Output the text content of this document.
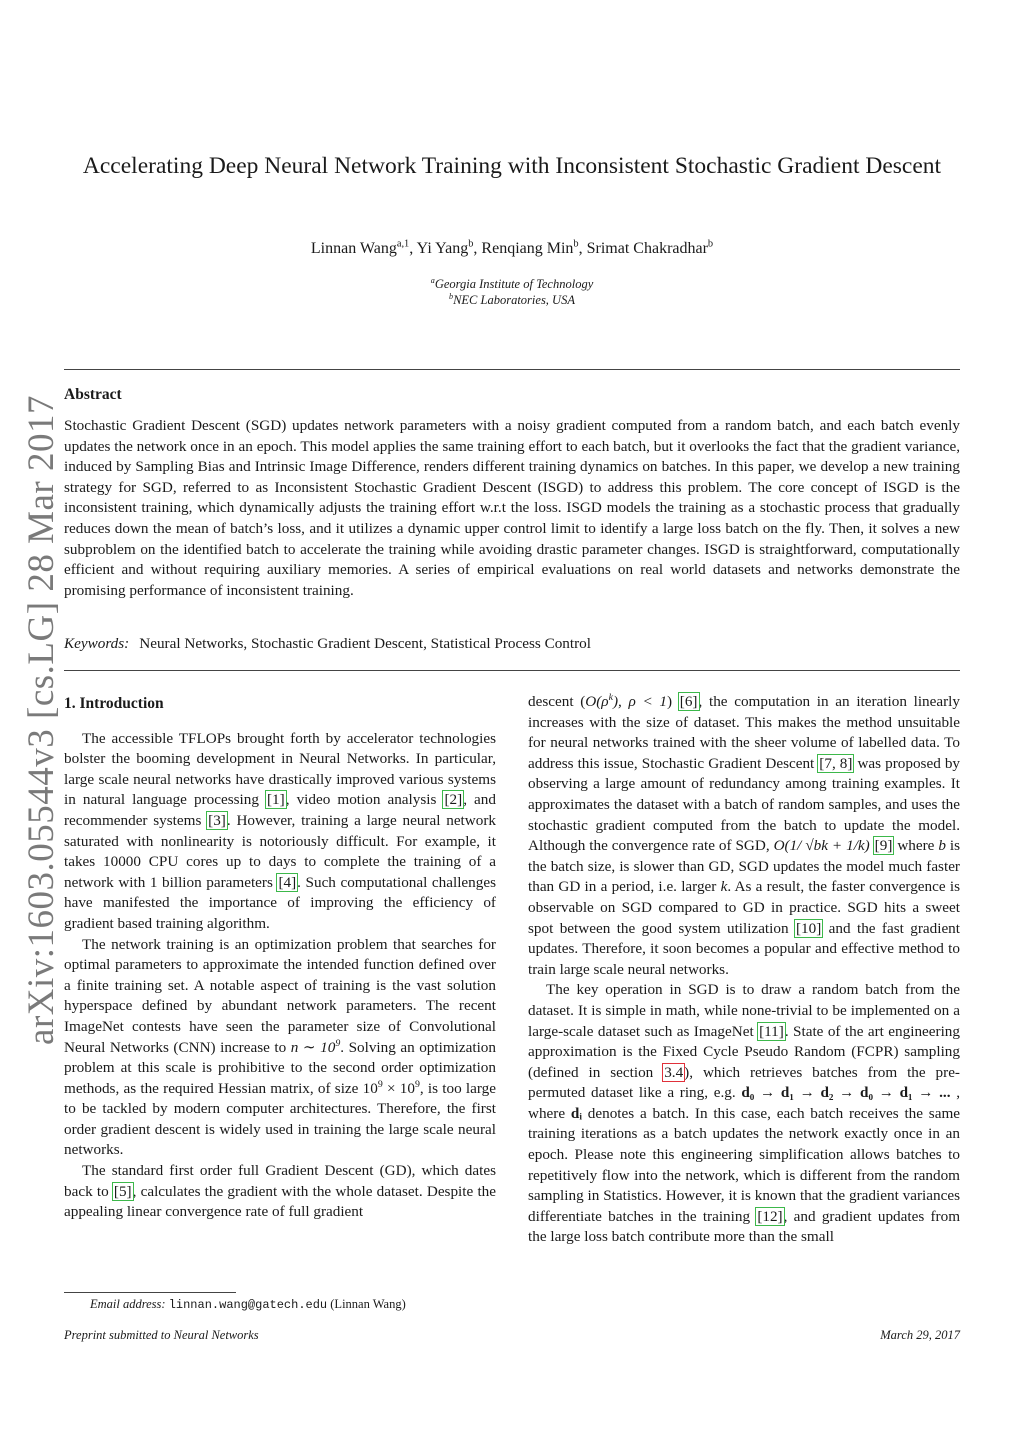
arXiv:1603.05544v3 [cs.LG] 28 Mar 2017
Accelerating Deep Neural Network Training with Inconsistent Stochastic Gradient Descent
Linnan Wang$^{a,1}$, Yi Yang$^b$, Renqiang Min$^b$, Srimat Chakradhar$^b$
$^a$Georgia Institute of Technology
$^b$NEC Laboratories, USA
Abstract
Stochastic Gradient Descent (SGD) updates network parameters with a noisy gradient computed from a random batch, and each batch evenly updates the network once in an epoch. This model applies the same training effort to each batch, but it overlooks the fact that the gradient variance, induced by Sampling Bias and Intrinsic Image Difference, renders different training dynamics on batches. In this paper, we develop a new training strategy for SGD, referred to as Inconsistent Stochastic Gradient Descent (ISGD) to address this problem. The core concept of ISGD is the inconsistent training, which dynamically adjusts the training effort w.r.t the loss. ISGD models the training as a stochastic process that gradually reduces down the mean of batch’s loss, and it utilizes a dynamic upper control limit to identify a large loss batch on the fly. Then, it solves a new subproblem on the identified batch to accelerate the training while avoiding drastic parameter changes. ISGD is straightforward, computationally efficient and without requiring auxiliary memories. A series of empirical evaluations on real world datasets and networks demonstrate the promising performance of inconsistent training.
Keywords: Neural Networks, Stochastic Gradient Descent, Statistical Process Control
1. Introduction

The accessible TFLOPs brought forth by accelerator technologies bolster the booming development in Neural Networks. In particular, large scale neural networks have drastically improved various systems in natural language processing [1], video motion analysis [2], and recommender systems [3]. However, training a large neural network saturated with nonlinearity is notoriously difficult. For example, it takes 10000 CPU cores up to days to complete the training of a network with 1 billion parameters [4]. Such computational challenges have manifested the importance of improving the efficiency of gradient based training algorithm.

The network training is an optimization problem that searches for optimal parameters to approximate the intended function defined over a finite training set. A notable aspect of training is the vast solution hyperspace defined by abundant network parameters. The recent ImageNet contests have seen the parameter size of Convolutional Neural Networks (CNN) increase to n ∼ $10^9$. Solving an optimization problem at this scale is prohibitive to the second order optimization methods, as the required Hessian matrix, of size $10^9 \times 10^9$, is too large to be tackled by modern computer architectures. Therefore, the first order gradient descent is widely used in training the large scale neural networks.

The standard first order full Gradient Descent (GD), which dates back to [5], calculates the gradient with the whole dataset. Despite the appealing linear convergence rate of full gradient

descent ($O(\rho^k)$, ρ < 1) [6], the computation in an iteration linearly increases with the size of dataset. This makes the method unsuitable for neural networks trained with the sheer volume of labelled data. To address this issue, Stochastic Gradient Descent [7, 8] was proposed by observing a large amount of redundancy among training examples. It approximates the dataset with a batch of random samples, and uses the stochastic gradient computed from the batch to update the model. Although the convergence rate of SGD, O(1/ √bk + 1/k) [9] where b is the batch size, is slower than GD, SGD updates the model much faster than GD in a period, i.e. larger k. As a result, the faster convergence is observable on SGD compared to GD in practice. SGD hits a sweet spot between the good system utilization [10] and the fast gradient updates. Therefore, it soon becomes a popular and effective method to train large scale neural networks.

The key operation in SGD is to draw a random batch from the dataset. It is simple in math, while none-trivial to be implemented on a large-scale dataset such as ImageNet [11]. State of the art engineering approximation is the Fixed Cycle Pseudo Random (FCPR) sampling (defined in section 3.4), which retrieves batches from the pre-permuted dataset like a ring, e.g. d₀ → d₁ → d₂ → d₀ → d₁ → ... , where dᵢ denotes a batch. In this case, each batch receives the same training iterations as a batch updates the network exactly once in an epoch. Please note this engineering simplification allows batches to repetitively flow into the network, which is different from the random sampling in Statistics. However, it is known that the gradient variances differentiate batches in the training [12], and gradient updates from the large loss batch contribute more than the small

Email address: linnan.wang@gatech.edu (Linnan Wang)
Preprint submitted to Neural Networks	March 29, 2017
